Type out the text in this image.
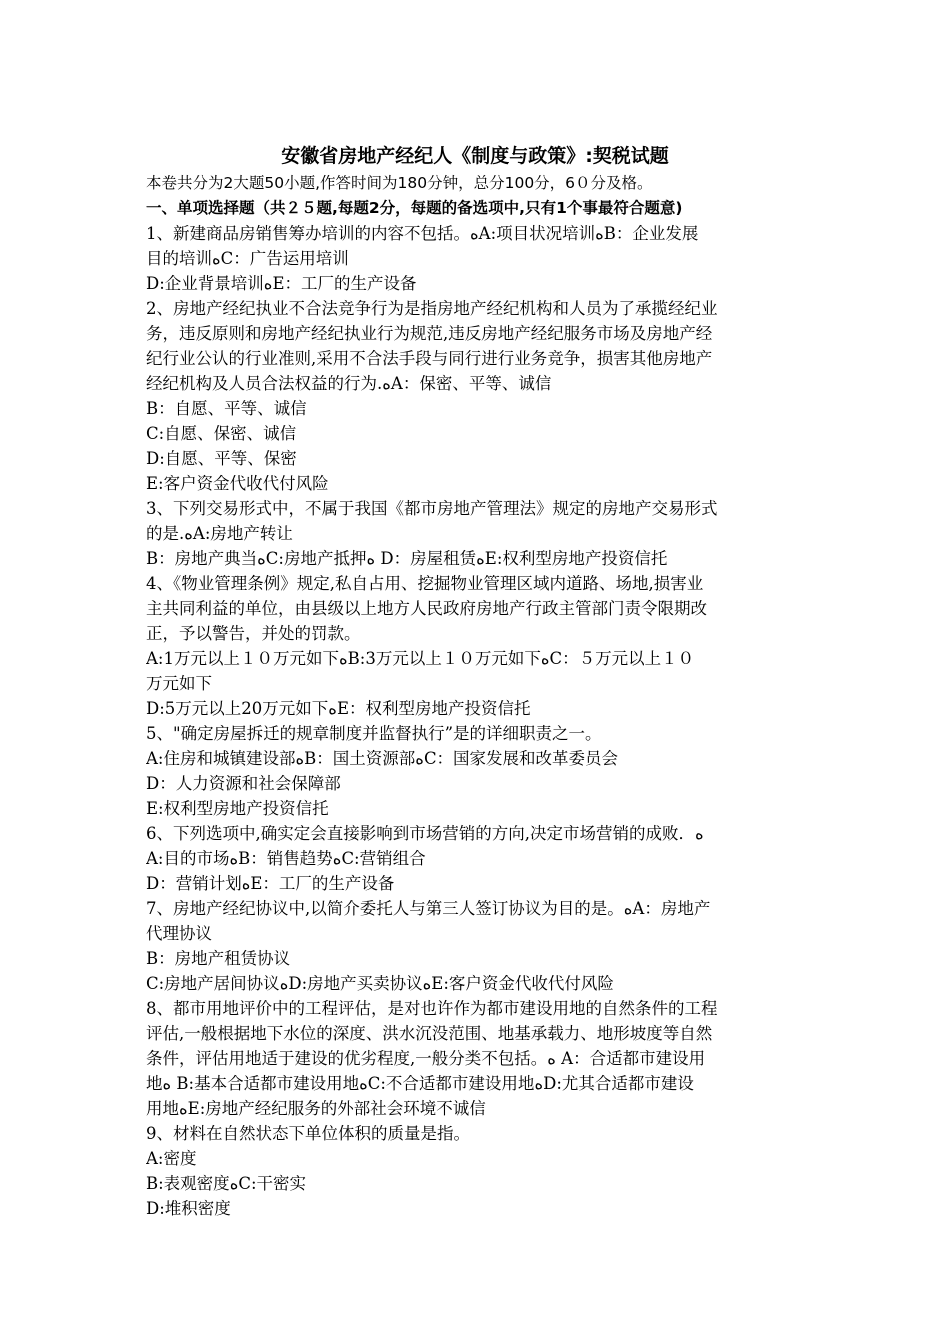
安徽省房地产经纪人《制度与政策》:契税试题
本卷共分为2大题50小题,作答时间为180分钟，总分100分，6０分及格。
一、单项选择题（共２５题,每题2分，每题的备选项中,只有1个事最符合题意)
1、新建商品房销售筹办培训的内容不包括。ﻩA:项目状况培训ﻩB：企业发展
目的培训ﻩC：广告运用培训
D:企业背景培训ﻩE：工厂的生产设备
2、房地产经纪执业不合法竞争行为是指房地产经纪机构和人员为了承揽经纪业
务，违反原则和房地产经纪执业行为规范,违反房地产经纪服务市场及房地产经
纪行业公认的行业准则,采用不合法手段与同行进行业务竞争，损害其他房地产
经纪机构及人员合法权益的行为.ﻩA：保密、平等、诚信
B：自愿、平等、诚信
C:自愿、保密、诚信
D:自愿、平等、保密
E:客户资金代收代付风险
3、下列交易形式中，不属于我国《都市房地产管理法》规定的房地产交易形式
的是.ﻩA:房地产转让
B：房地产典当ﻩC:房地产抵押ﻩ D：房屋租赁ﻩE:权利型房地产投资信托
4、《物业管理条例》规定,私自占用、挖掘物业管理区域内道路、场地,损害业
主共同利益的单位，由县级以上地方人民政府房地产行政主管部门责令限期改
正，予以警告，并处的罚款。
A:1万元以上１０万元如下ﻩB:3万元以上１０万元如下ﻩC：５万元以上１０
万元如下
D:5万元以上20万元如下ﻩE：权利型房地产投资信托
5、"确定房屋拆迁的规章制度并监督执行”是的详细职责之一。
A:住房和城镇建设部ﻩB：国土资源部ﻩC：国家发展和改革委员会
D：人力资源和社会保障部
E:权利型房地产投资信托
6、下列选项中,确实定会直接影响到市场营销的方向,决定市场营销的成败．ﻩ
A:目的市场ﻩB：销售趋势ﻩC:营销组合
D：营销计划ﻩE：工厂的生产设备
7、房地产经纪协议中,以简介委托人与第三人签订协议为目的是。ﻩA：房地产
代理协议
B：房地产租赁协议
C:房地产居间协议ﻩD:房地产买卖协议ﻩE:客户资金代收代付风险
8、都市用地评价中的工程评估，是对也许作为都市建设用地的自然条件的工程
评估,一般根据地下水位的深度、洪水沉没范围、地基承载力、地形坡度等自然
条件，评估用地适于建设的优劣程度,一般分类不包括。ﻩ A：合适都市建设用
地ﻩ B:基本合适都市建设用地ﻩC:不合适都市建设用地ﻩD:尤其合适都市建设
用地ﻩE:房地产经纪服务的外部社会环境不诚信
9、材料在自然状态下单位体积的质量是指。
A:密度
B:表观密度ﻩC:干密实
D:堆积密度
